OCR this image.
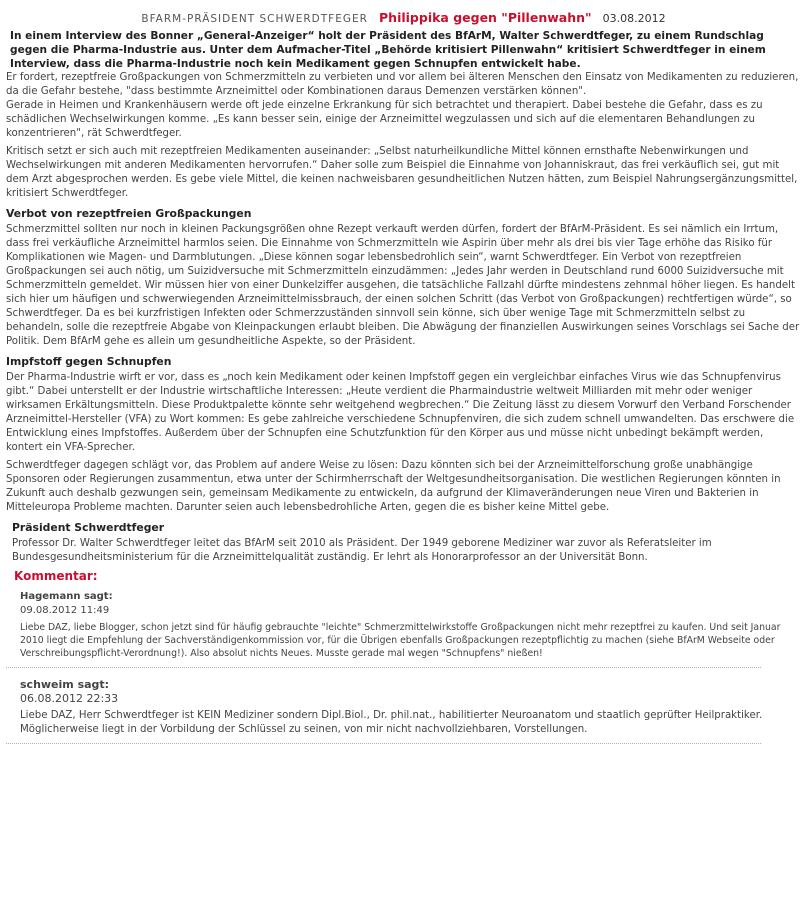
BFARM-PRÄSIDENT SCHWERDTFEGER Philippika gegen "Pillenwahn" 03.08.2012

In einem Interview des Bonner „General-Anzeiger“ holt der Präsident des BfArM, Walter Schwerdtfeger, zu einem Rundschlag gegen die Pharma-Industrie aus. Unter dem Aufmacher-Titel „Behörde kritisiert Pillenwahn“ kritisiert Schwerdtfeger in einem Interview, dass die Pharma-Industrie noch kein Medikament gegen Schnupfen entwickelt habe.

Er fordert, rezeptfreie Großpackungen von Schmerzmitteln zu verbieten und vor allem bei älteren Menschen den Einsatz von Medikamenten zu reduzieren, da die Gefahr bestehe, "dass bestimmte Arzneimittel oder Kombinationen daraus Demenzen verstärken können".

Gerade in Heimen und Krankenhäusern werde oft jede einzelne Erkrankung für sich betrachtet und therapiert. Dabei bestehe die Gefahr, dass es zu schädlichen Wechselwirkungen komme. „Es kann besser sein, einige der Arzneimittel wegzulassen und sich auf die elementaren Behandlungen zu konzentrieren", rät Schwerdtfeger.

Kritisch setzt er sich auch mit rezeptfreien Medikamenten auseinander: „Selbst naturheilkundliche Mittel können ernsthafte Nebenwirkungen und Wechselwirkungen mit anderen Medikamenten hervorrufen.“ Daher solle zum Beispiel die Einnahme von Johanniskraut, das frei verkäuflich sei, gut mit dem Arzt abgesprochen werden. Es gebe viele Mittel, die keinen nachweisbaren gesundheitlichen Nutzen hätten, zum Beispiel Nahrungsergänzungsmittel, kritisiert Schwerdtfeger.

Verbot von rezeptfreien Großpackungen

Schmerzmittel sollten nur noch in kleinen Packungsgrößen ohne Rezept verkauft werden dürfen, fordert der BfArM-Präsident. Es sei nämlich ein Irrtum, dass frei verkäufliche Arzneimittel harmlos seien. Die Einnahme von Schmerzmitteln wie Aspirin über mehr als drei bis vier Tage erhöhe das Risiko für Komplikationen wie Magen- und Darmblutungen. „Diese können sogar lebensbedrohlich sein“, warnt Schwerdtfeger. Ein Verbot von rezeptfreien Großpackungen sei auch nötig, um Suizidversuche mit Schmerzmitteln einzudämmen: „Jedes Jahr werden in Deutschland rund 6000 Suizidversuche mit Schmerzmitteln gemeldet. Wir müssen hier von einer Dunkelziffer ausgehen, die tatsächliche Fallzahl dürfte mindestens zehnmal höher liegen. Es handelt sich hier um häufigen und schwerwiegenden Arzneimittelmissbrauch, der einen solchen Schritt (das Verbot von Großpackungen) rechtfertigen würde“, so Schwerdtfeger. Da es bei kurzfristigen Infekten oder Schmerzzuständen sinnvoll sein könne, sich über wenige Tage mit Schmerzmitteln selbst zu behandeln, solle die rezeptfreie Abgabe von Kleinpackungen erlaubt bleiben. Die Abwägung der finanziellen Auswirkungen seines Vorschlags sei Sache der Politik. Dem BfArM gehe es allein um gesundheitliche Aspekte, so der Präsident.

Impfstoff gegen Schnupfen

Der Pharma-Industrie wirft er vor, dass es „noch kein Medikament oder keinen Impfstoff gegen ein vergleichbar einfaches Virus wie das Schnupfenvirus gibt.“ Dabei unterstellt er der Industrie wirtschaftliche Interessen: „Heute verdient die Pharmaindustrie weltweit Milliarden mit mehr oder weniger wirksamen Erkältungsmitteln. Diese Produktpalette könnte sehr weitgehend wegbrechen.“ Die Zeitung lässt zu diesem Vorwurf den Verband Forschender Arzneimittel-Hersteller (VFA) zu Wort kommen: Es gebe zahlreiche verschiedene Schnupfenviren, die sich zudem schnell umwandelten. Das erschwere die Entwicklung eines Impfstoffes. Außerdem über der Schnupfen eine Schutzfunktion für den Körper aus und müsse nicht unbedingt bekämpft werden, kontert ein VFA-Sprecher.

Schwerdtfeger dagegen schlägt vor, das Problem auf andere Weise zu lösen: Dazu könnten sich bei der Arzneimittelforschung große unabhängige Sponsoren oder Regierungen zusammentun, etwa unter der Schirmherrschaft der Weltgesundheitsorganisation. Die westlichen Regierungen könnten in Zukunft auch deshalb gezwungen sein, gemeinsam Medikamente zu entwickeln, da aufgrund der Klimaveränderungen neue Viren und Bakterien in Mitteleuropa Probleme machten. Darunter seien auch lebensbedrohliche Arten, gegen die es bisher keine Mittel gebe.

Präsident Schwerdtfeger

Professor Dr. Walter Schwerdtfeger leitet das BfArM seit 2010 als Präsident. Der 1949 geborene Mediziner war zuvor als Referatsleiter im Bundesgesundheitsministerium für die Arzneimittelqualität zuständig. Er lehrt als Honorarprofessor an der Universität Bonn.

Kommentar:
Hagemann sagt:
09.08.2012 11:49
Liebe DAZ, liebe Blogger, schon jetzt sind für häufig gebrauchte "leichte" Schmerzmittelwirkstoffe Großpackungen nicht mehr rezeptfrei zu kaufen. Und seit Januar 2010 liegt die Empfehlung der Sachverständigenkommission vor, für die Übrigen ebenfalls Großpackungen rezeptpflichtig zu machen (siehe BfArM Webseite oder Verschreibungspflicht-Verordnung!). Also absolut nichts Neues. Musste gerade mal wegen "Schnupfens" nießen!
schweim sagt:
06.08.2012 22:33
Liebe DAZ, Herr Schwerdtfeger ist KEIN Mediziner sondern Dipl.Biol., Dr. phil.nat., habilitierter Neuroanatom und staatlich geprüfter Heilpraktiker. Möglicherweise liegt in der Vorbildung der Schlüssel zu seinen, von mir nicht nachvollziehbaren, Vorstellungen.
